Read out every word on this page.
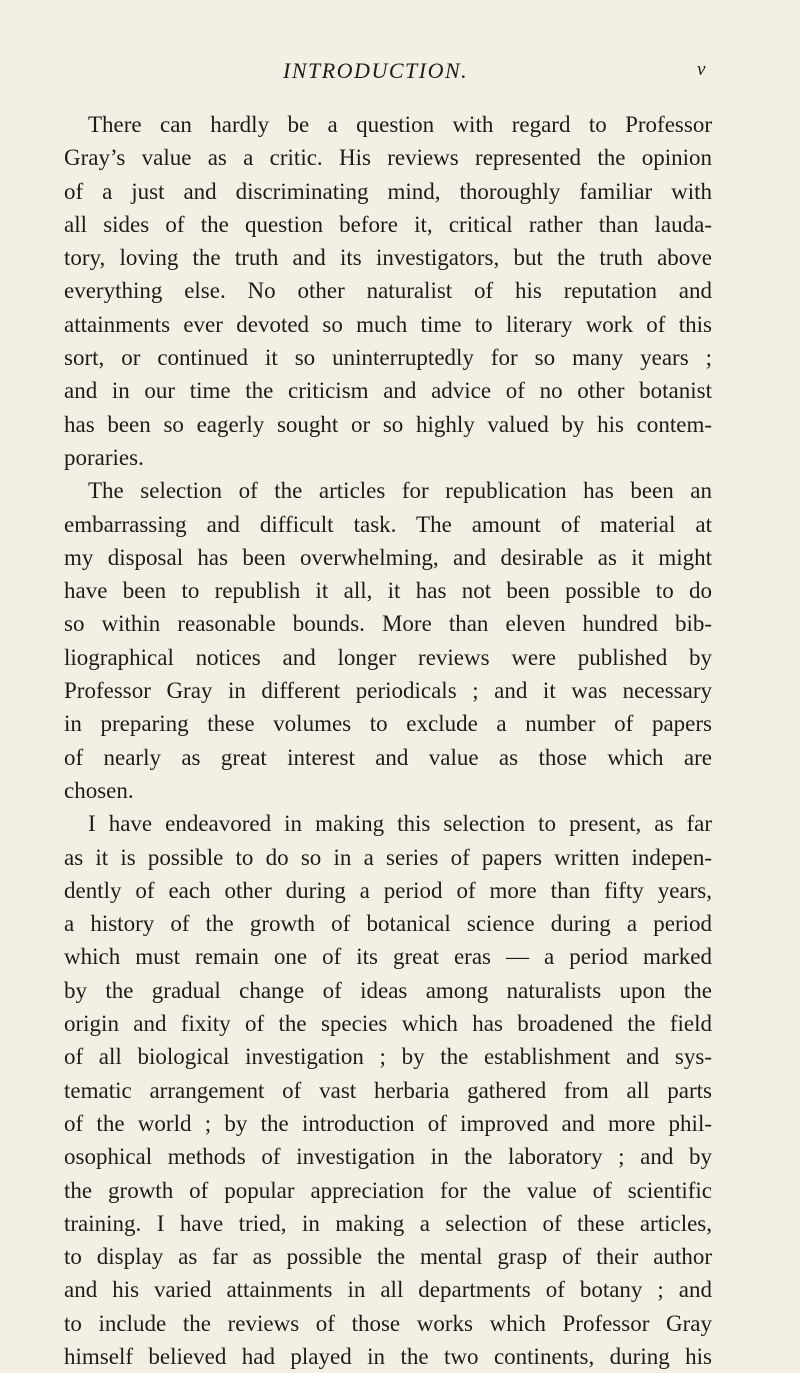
INTRODUCTION.	v
There can hardly be a question with regard to Professor
Gray’s value as a critic. His reviews represented the opinion
of a just and discriminating mind, thoroughly familiar with
all sides of the question before it, critical rather than lauda-
tory, loving the truth and its investigators, but the truth above
everything else. No other naturalist of his reputation and
attainments ever devoted so much time to literary work of this
sort, or continued it so uninterruptedly for so many years ;
and in our time the criticism and advice of no other botanist
has been so eagerly sought or so highly valued by his contem-
poraries.
The selection of the articles for republication has been an
embarrassing and difficult task. The amount of material at
my disposal has been overwhelming, and desirable as it might
have been to republish it all, it has not been possible to do
so within reasonable bounds. More than eleven hundred bib-
liographical notices and longer reviews were published by
Professor Gray in different periodicals ; and it was necessary
in preparing these volumes to exclude a number of papers
of nearly as great interest and value as those which are
chosen.
I have endeavored in making this selection to present, as far
as it is possible to do so in a series of papers written indepen-
dently of each other during a period of more than fifty years,
a history of the growth of botanical science during a period
which must remain one of its great eras — a period marked
by the gradual change of ideas among naturalists upon the
origin and fixity of the species which has broadened the field
of all biological investigation ; by the establishment and sys-
tematic arrangement of vast herbaria gathered from all parts
of the world ; by the introduction of improved and more phil-
osophical methods of investigation in the laboratory ; and by
the growth of popular appreciation for the value of scientific
training. I have tried, in making a selection of these articles,
to display as far as possible the mental grasp of their author
and his varied attainments in all departments of botany ; and
to include the reviews of those works which Professor Gray
himself believed had played in the two continents, during his
